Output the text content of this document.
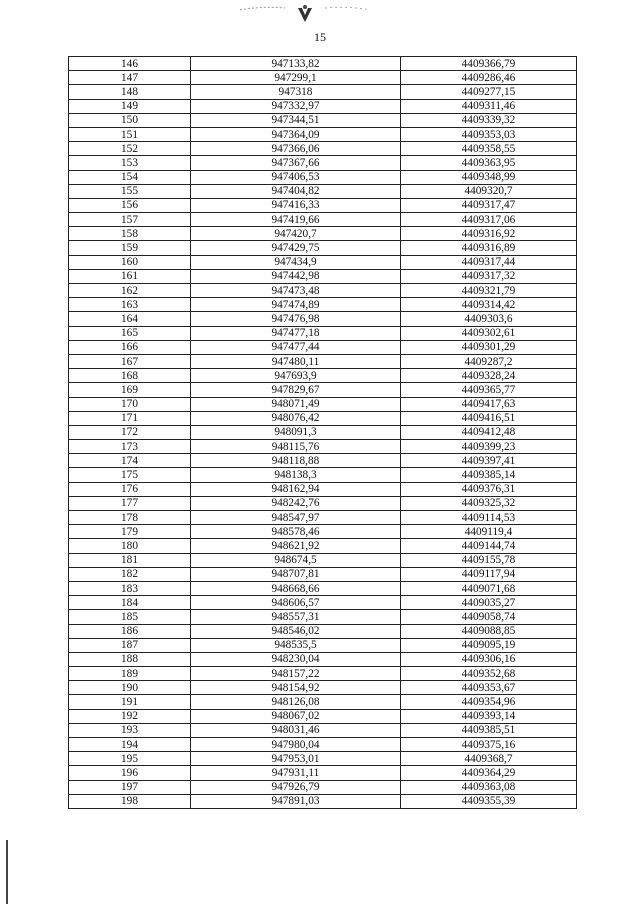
15
146	947133,82	4409366,79
147	947299,1	4409286,46
148	947318	4409277,15
149	947332,97	4409311,46
150	947344,51	4409339,32
151	947364,09	4409353,03
152	947366,06	4409358,55
153	947367,66	4409363,95
154	947406,53	4409348,99
155	947404,82	4409320,7
156	947416,33	4409317,47
157	947419,66	4409317,06
158	947420,7	4409316,92
159	947429,75	4409316,89
160	947434,9	4409317,44
161	947442,98	4409317,32
162	947473,48	4409321,79
163	947474,89	4409314,42
164	947476,98	4409303,6
165	947477,18	4409302,61
166	947477,44	4409301,29
167	947480,11	4409287,2
168	947693,9	4409328,24
169	947829,67	4409365,77
170	948071,49	4409417,63
171	948076,42	4409416,51
172	948091,3	4409412,48
173	948115,76	4409399,23
174	948118,88	4409397,41
175	948138,3	4409385,14
176	948162,94	4409376,31
177	948242,76	4409325,32
178	948547,97	4409114,53
179	948578,46	4409119,4
180	948621,92	4409144,74
181	948674,5	4409155,78
182	948707,81	4409117,94
183	948668,66	4409071,68
184	948606,57	4409035,27
185	948557,31	4409058,74
186	948546,02	4409088,85
187	948535,5	4409095,19
188	948230,04	4409306,16
189	948157,22	4409352,68
190	948154,92	4409353,67
191	948126,08	4409354,96
192	948067,02	4409393,14
193	948031,46	4409385,51
194	947980,04	4409375,16
195	947953,01	4409368,7
196	947931,11	4409364,29
197	947926,79	4409363,08
198	947891,03	4409355,39
